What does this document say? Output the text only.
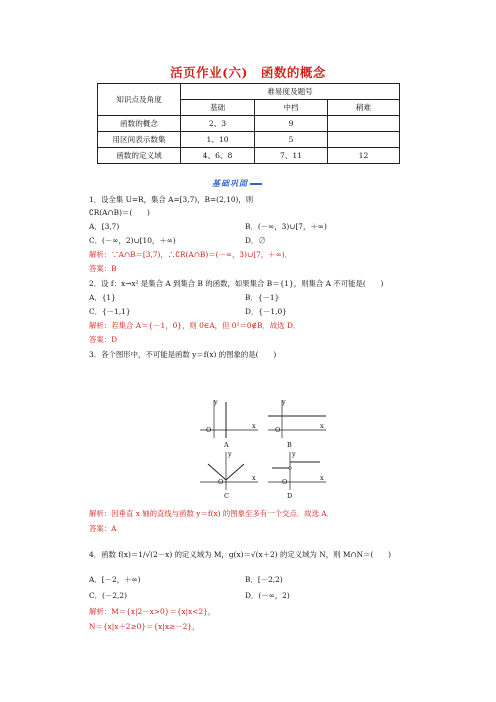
活页作业(六)　函数的概念
知识点及角度	难易度及题号		
	基础	中档	稍难
函数的概念	2、3	9	
用区间表示数集	1、10	5	
函数的定义域	4、6、8	7、11	12
基础巩固
1．设全集 U=R，集合 A=[3,7)，B=(2,10)，则
∁R(A∩B)＝(　　)
A．[3,7)	B．(－∞，3)∪[7，＋∞)
C．(－∞，2)∪[10，＋∞)	D．∅
解析：∵A∩B＝[3,7)，∴∁R(A∩B)＝(－∞，3)∪[7，＋∞)．
答案：B
2．设 f：x→x² 是集合 A 到集合 B 的函数，如果集合 B＝{1}，则集合 A 不可能是(　　)
A．{1}	B．{－1}
C．{－1,1}	D．{－1,0}
解析：若集合 A＝{－1，0}，则 0∈A，但 0²＝0∉B．故选 D．
答案：D
3．各个图形中，不可能是函数 y＝f(x) 的图象的是(　　)
y
x
O
A
y
x
O
B
y
x
O
C
y
x
O
D
解析：因垂直 x 轴的直线与函数 y＝f(x) 的图象至多有一个交点．故选 A．
答案：A
4．函数 f(x)＝1/√(2－x) 的定义域为 M，g(x)＝√(x＋2) 的定义域为 N，则 M∩N＝(　　)
A．[－2，＋∞)	B．[－2,2)
C．(－2,2)	D．(－∞，2)
解析：M＝{x|2－x>0}＝{x|x<2}，
N＝{x|x＋2≥0}＝{x|x≥－2}，
